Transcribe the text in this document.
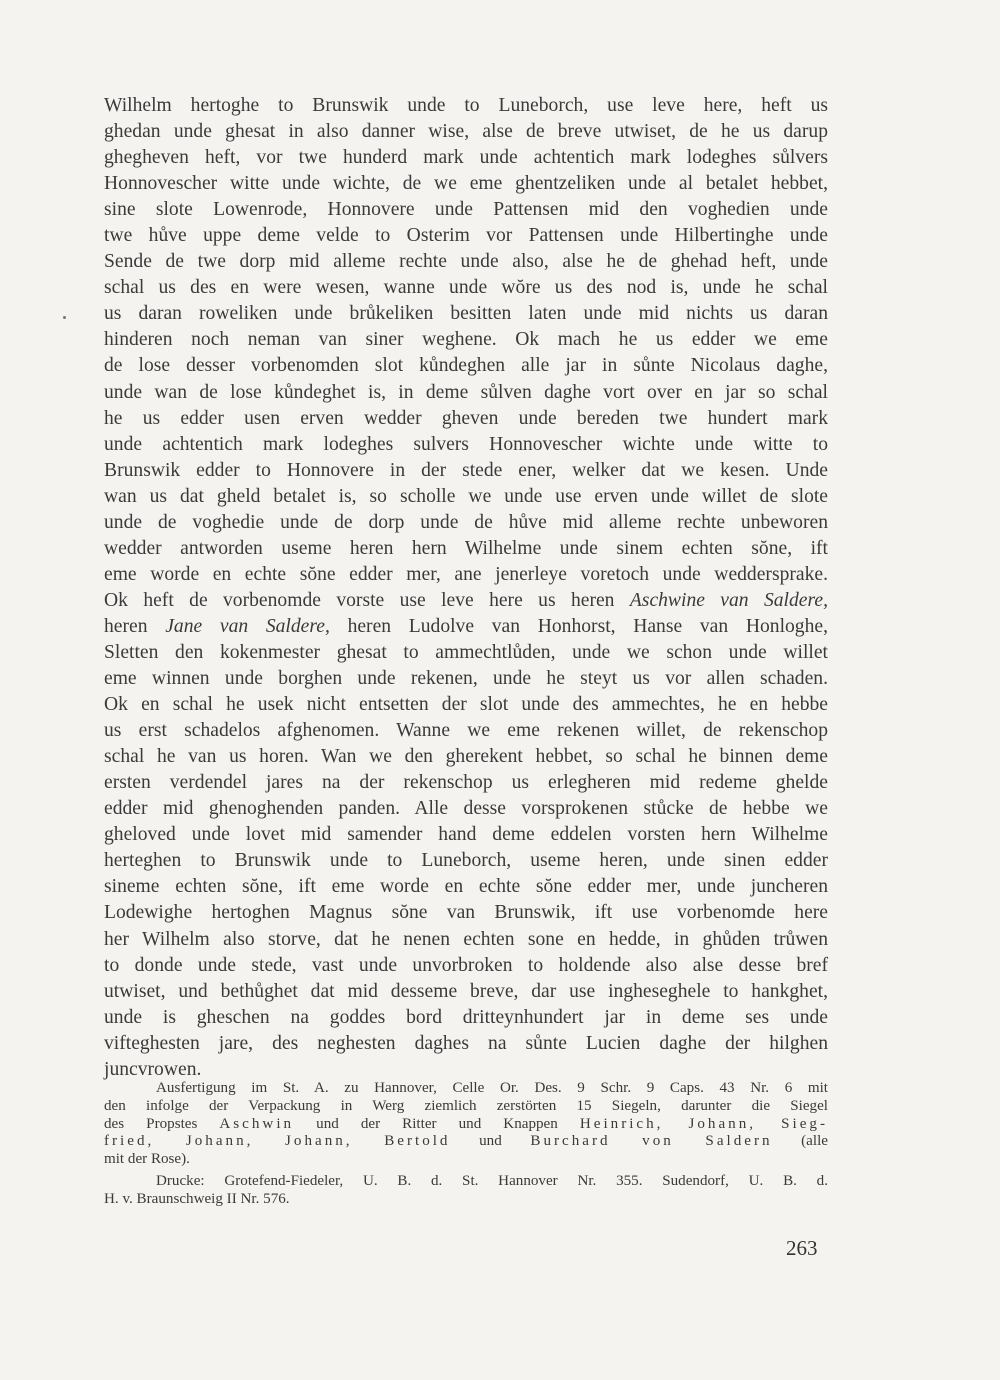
Wilhelm hertoghe to Brunswik unde to Luneborch, use leve here, heft us
ghedan unde ghesat in also danner wise, alse de breve utwiset, de he us darup
ghegheven heft, vor twe hunderd mark unde achtentich mark lodeghes sůlvers
Honnovescher witte unde wichte, de we eme ghentzeliken unde al betalet hebbet,
sine slote Lowenrode, Honnovere unde Pattensen mid den voghedien unde
twe hůve uppe deme velde to Osterim vor Pattensen unde Hilbertinghe unde
Sende de twe dorp mid alleme rechte unde also, alse he de ghehad heft, unde
schal us des en were wesen, wanne unde wŏre us des nod is, unde he schal
us daran roweliken unde brůkeliken besitten laten unde mid nichts us daran
hinderen noch neman van siner weghene. Ok mach he us edder we eme
de lose desser vorbenomden slot kůndeghen alle jar in sůnte Nicolaus daghe,
unde wan de lose kůndeghet is, in deme sůlven daghe vort over en jar so schal
he us edder usen erven wedder gheven unde bereden twe hundert mark
unde achtentich mark lodeghes sulvers Honnovescher wichte unde witte to
Brunswik edder to Honnovere in der stede ener, welker dat we kesen. Unde
wan us dat gheld betalet is, so scholle we unde use erven unde willet de slote
unde de voghedie unde de dorp unde de hůve mid alleme rechte unbeworen
wedder antworden useme heren hern Wilhelme unde sinem echten sŏne, ift
eme worde en echte sŏne edder mer, ane jenerleye voretoch unde weddersprake.
Ok heft de vorbenomde vorste use leve here us heren Aschwine van Saldere,
heren Jane van Saldere, heren Ludolve van Honhorst, Hanse van Honloghe,
Sletten den kokenmester ghesat to ammechtlůden, unde we schon unde willet
eme winnen unde borghen unde rekenen, unde he steyt us vor allen schaden.
Ok en schal he usek nicht entsetten der slot unde des ammechtes, he en hebbe
us erst schadelos afghenomen. Wanne we eme rekenen willet, de rekenschop
schal he van us horen. Wan we den gherekent hebbet, so schal he binnen deme
ersten verdendel jares na der rekenschop us erlegheren mid redeme ghelde
edder mid ghenoghenden panden. Alle desse vorsprokenen stůcke de hebbe we
gheloved unde lovet mid samender hand deme eddelen vorsten hern Wilhelme
herteghen to Brunswik unde to Luneborch, useme heren, unde sinen edder
sineme echten sŏne, ift eme worde en echte sŏne edder mer, unde juncheren
Lodewighe hertoghen Magnus sŏne van Brunswik, ift use vorbenomde here
her Wilhelm also storve, dat he nenen echten sone en hedde, in ghůden trůwen
to donde unde stede, vast unde unvorbroken to holdende also alse desse bref
utwiset, und bethůghet dat mid desseme breve, dar use ingheseghele to hankghet,
unde is gheschen na goddes bord dritteynhundert jar in deme ses unde
vifteghesten jare, des neghesten daghes na sůnte Lucien daghe der hilghen
juncvrowen.
Ausfertigung im St. A. zu Hannover, Celle Or. Des. 9 Schr. 9 Caps. 43 Nr. 6 mit
den infolge der Verpackung in Werg ziemlich zerstörten 15 Siegeln, darunter die Siegel
des Propstes Aschwin und der Ritter und Knappen Heinrich, Johann, Sieg-
fried, Johann, Johann, Bertold und Burchard von Saldern (alle
mit der Rose).
Drucke: Grotefend-Fiedeler, U. B. d. St. Hannover Nr. 355. Sudendorf, U. B. d.
H. v. Braunschweig II Nr. 576.
263
